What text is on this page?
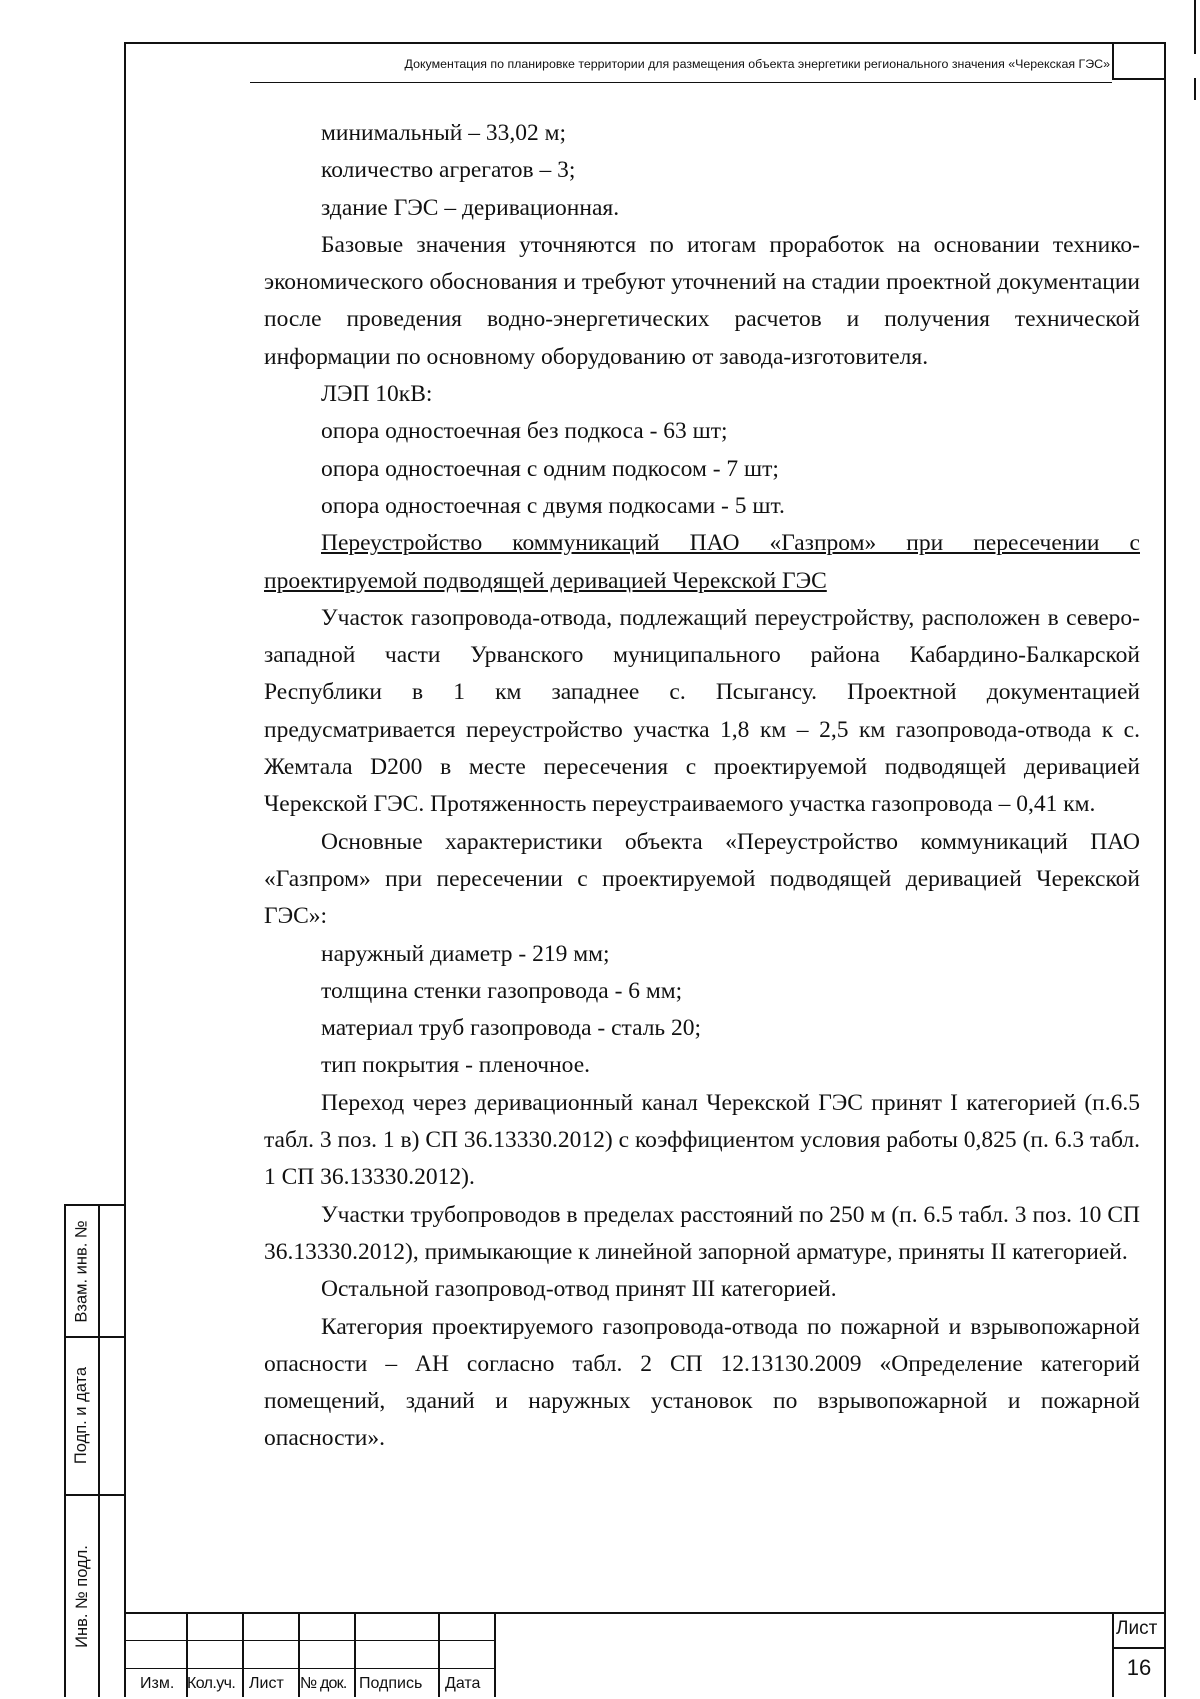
Документация по планировке территории для размещения объекта энергетики регионального значения «Черекская ГЭС»

минимальный – 33,02 м;

количество агрегатов – 3;

здание ГЭС – деривационная.

Базовые значения уточняются по итогам проработок на основании технико-экономического обоснования и требуют уточнений на стадии проектной документации после проведения водно-энергетических расчетов и получения технической информации по основному оборудованию от завода-изготовителя.

ЛЭП 10кВ:

опора одностоечная без подкоса - 63 шт;

опора одностоечная с одним подкосом - 7 шт;

опора одностоечная с двумя подкосами - 5 шт.

Переустройство коммуникаций ПАО «Газпром» при пересечении с проектируемой подводящей деривацией Черекской ГЭС

Участок газопровода-отвода, подлежащий переустройству, расположен в северо-западной части Урванского муниципального района Кабардино-Балкарской Республики в 1 км западнее с. Псыгансу. Проектной документацией предусматривается переустройство участка 1,8 км – 2,5 км газопровода-отвода к с. Жемтала D200 в месте пересечения с проектируемой подводящей деривацией Черекской ГЭС. Протяженность переустраиваемого участка газопровода – 0,41 км.

Основные характеристики объекта «Переустройство коммуникаций ПАО «Газпром» при пересечении с проектируемой подводящей деривацией Черекской ГЭС»:

наружный диаметр - 219 мм;

толщина стенки газопровода - 6 мм;

материал труб газопровода - сталь 20;

тип покрытия - пленочное.

Переход через деривационный канал Черекской ГЭС принят I категорией (п.6.5 табл. 3 поз. 1 в) СП 36.13330.2012) с коэффициентом условия работы 0,825 (п. 6.3 табл. 1 СП 36.13330.2012).

Участки трубопроводов в пределах расстояний по 250 м (п. 6.5 табл. 3 поз. 10 СП 36.13330.2012), примыкающие к линейной запорной арматуре, приняты II категорией.

Остальной газопровод-отвод принят III категорией.

Категория проектируемого газопровода-отвода по пожарной и взрывопожарной опасности – АН согласно табл. 2 СП 12.13130.2009 «Определение категорий помещений, зданий и наружных установок по взрывопожарной и пожарной опасности».

Взам. инв. №
Подп. и дата
Инв. № подл.
Изм. Кол.уч. Лист № док. Подпись Дата
Лист
16
